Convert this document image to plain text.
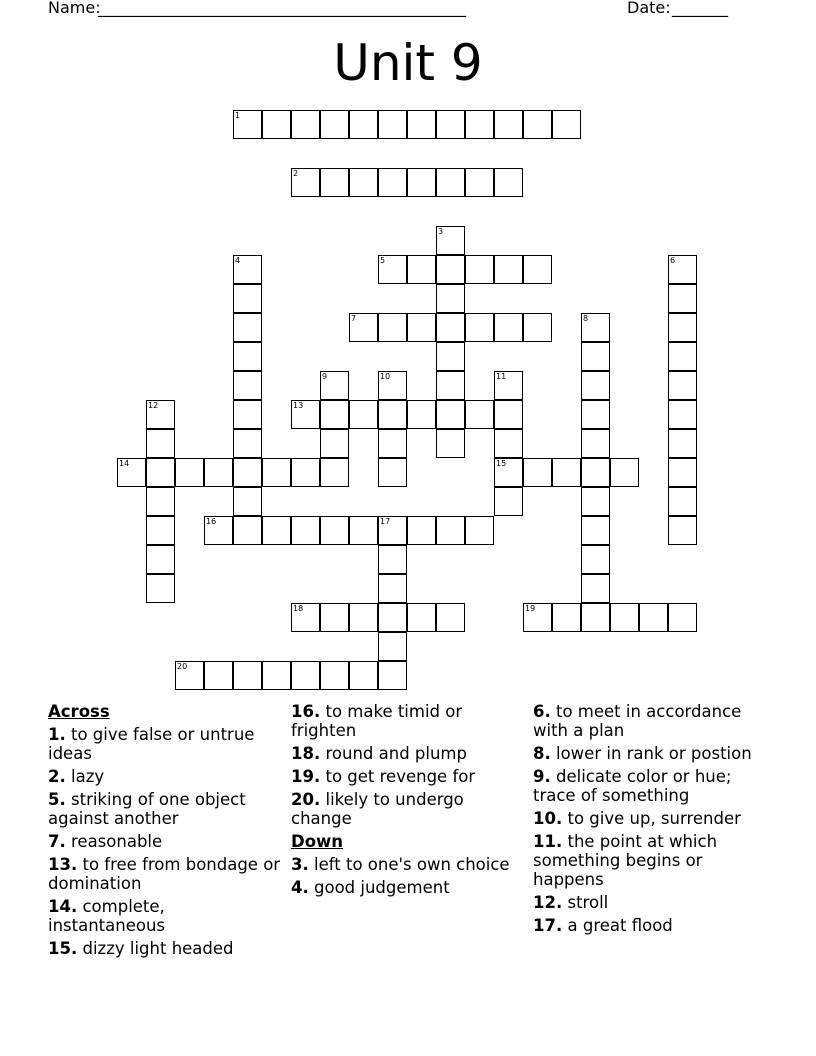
Name:
______________________________________________	Date: _______
Unit 9
1
2
5
7
13
14	15
16	17
18	19
20
3
4	6
8
9	10	11
12
Across
1. to give false or untrue ideas
2. lazy
5. striking of one object against another
7. reasonable
13. to free from bondage or domination
14. complete, instantaneous
15. dizzy light headed
16. to make timid or frighten
18. round and plump
19. to get revenge for
20. likely to undergo change
Down
3. left to one's own choice
4. good judgement
6. to meet in accordance with a plan
8. lower in rank or postion
9. delicate color or hue; trace of something
10. to give up, surrender
11. the point at which something begins or happens
12. stroll
17. a great flood
